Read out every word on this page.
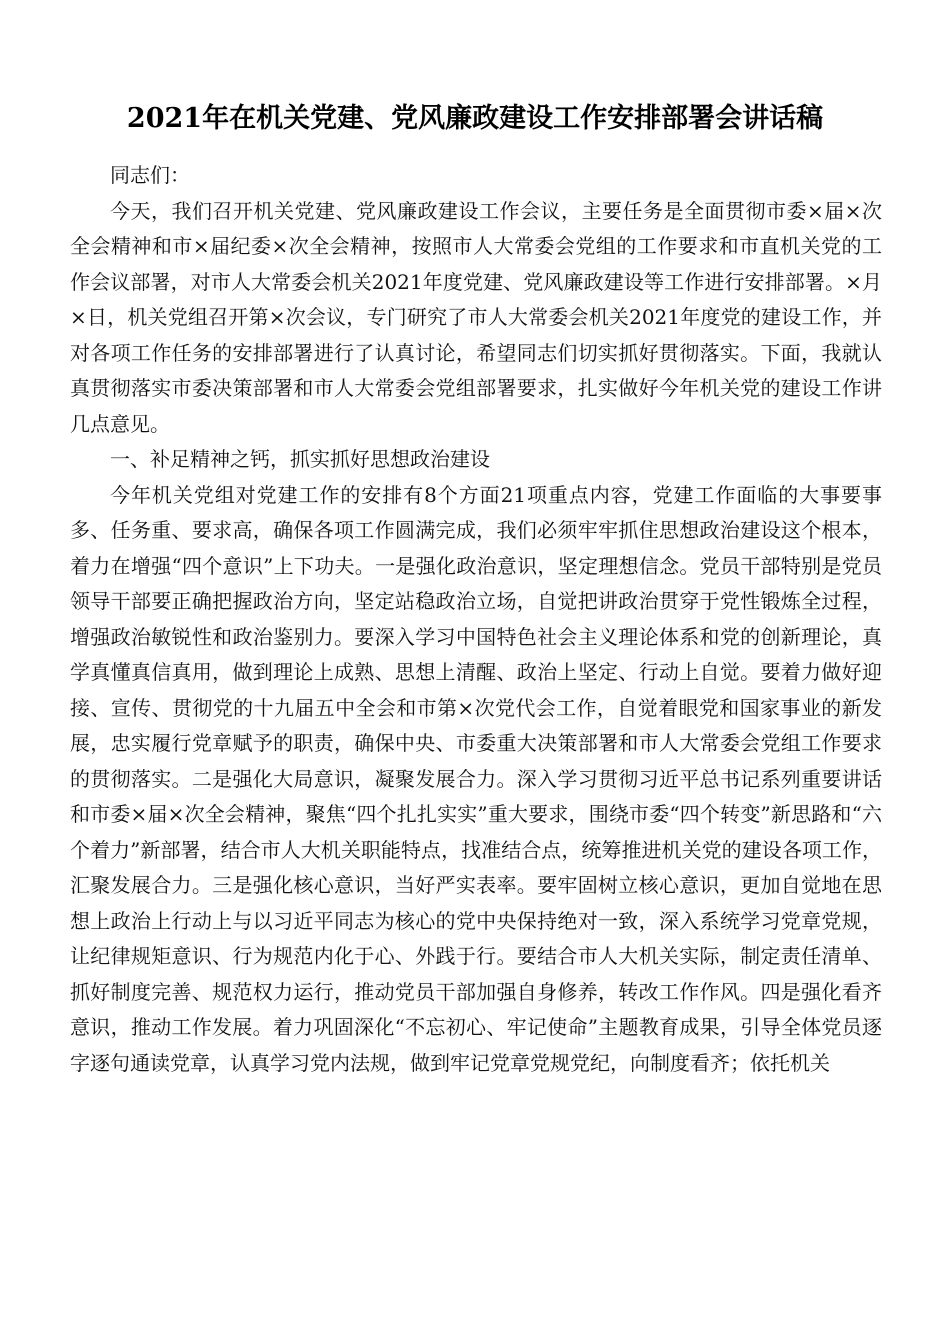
2021年在机关党建、党风廉政建设工作安排部署会讲话稿

同志们：

今天，我们召开机关党建、党风廉政建设工作会议，主要任务是全面贯彻市委×届×次全会精神和市×届纪委×次全会精神，按照市人大常委会党组的工作要求和市直机关党的工作会议部署，对市人大常委会机关2021年度党建、党风廉政建设等工作进行安排部署。×月×日，机关党组召开第×次会议，专门研究了市人大常委会机关2021年度党的建设工作，并对各项工作任务的安排部署进行了认真讨论，希望同志们切实抓好贯彻落实。下面，我就认真贯彻落实市委决策部署和市人大常委会党组部署要求，扎实做好今年机关党的建设工作讲几点意见。

一、补足精神之钙，抓实抓好思想政治建设

今年机关党组对党建工作的安排有8个方面21项重点内容，党建工作面临的大事要事多、任务重、要求高，确保各项工作圆满完成，我们必须牢牢抓住思想政治建设这个根本，着力在增强“四个意识”上下功夫。一是强化政治意识，坚定理想信念。党员干部特别是党员领导干部要正确把握政治方向，坚定站稳政治立场，自觉把讲政治贯穿于党性锻炼全过程，增强政治敏锐性和政治鉴别力。要深入学习中国特色社会主义理论体系和党的创新理论，真学真懂真信真用，做到理论上成熟、思想上清醒、政治上坚定、行动上自觉。要着力做好迎接、宣传、贯彻党的十九届五中全会和市第×次党代会工作，自觉着眼党和国家事业的新发展，忠实履行党章赋予的职责，确保中央、市委重大决策部署和市人大常委会党组工作要求的贯彻落实。二是强化大局意识，凝聚发展合力。深入学习贯彻习近平总书记系列重要讲话和市委×届×次全会精神，聚焦“四个扎扎实实”重大要求，围绕市委“四个转变”新思路和“六个着力”新部署，结合市人大机关职能特点，找准结合点，统筹推进机关党的建设各项工作，汇聚发展合力。三是强化核心意识，当好严实表率。要牢固树立核心意识，更加自觉地在思想上政治上行动上与以习近平同志为核心的党中央保持绝对一致，深入系统学习党章党规，让纪律规矩意识、行为规范内化于心、外践于行。要结合市人大机关实际，制定责任清单、抓好制度完善、规范权力运行，推动党员干部加强自身修养，转改工作作风。四是强化看齐意识，推动工作发展。着力巩固深化“不忘初心、牢记使命”主题教育成果，引导全体党员逐字逐句通读党章，认真学习党内法规，做到牢记党章党规党纪，向制度看齐；依托机关
